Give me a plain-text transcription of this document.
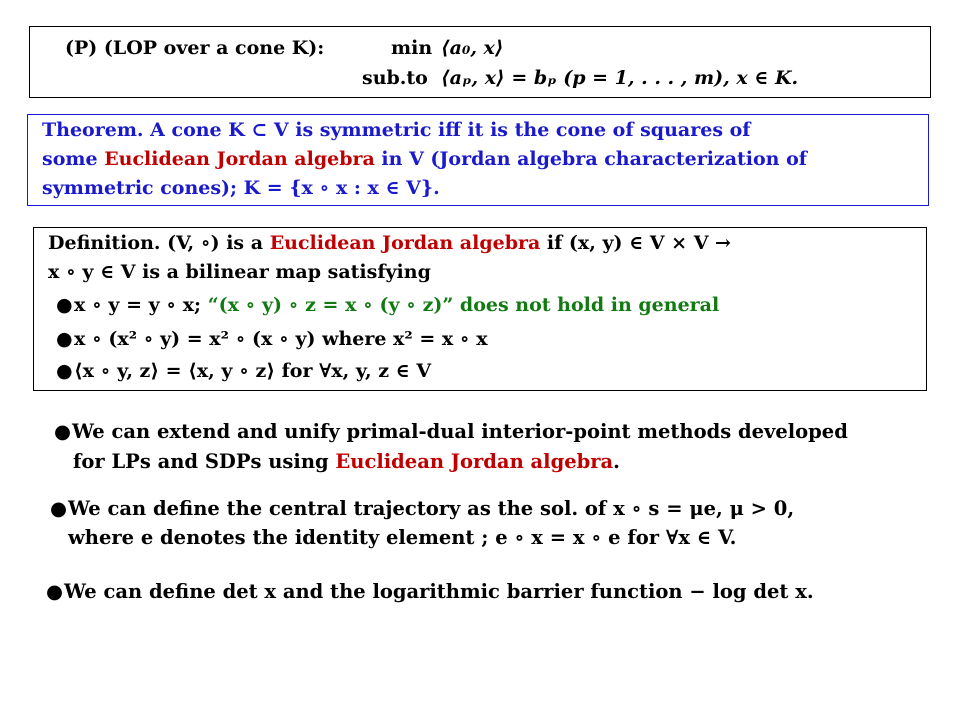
(P) (LOP over a cone K):	min ⟨a₀, x⟩
sub.to ⟨aₚ, x⟩ = bₚ (p = 1, . . . , m), x ∈ K.
Theorem. A cone K ⊂ V is symmetric iff it is the cone of squares of
some Euclidean Jordan algebra in V (Jordan algebra characterization of
symmetric cones); K = {x ∘ x : x ∈ V}.
Definition. (V, ∘) is a Euclidean Jordan algebra if (x, y) ∈ V × V →
x ∘ y ∈ V is a bilinear map satisfying
●x ∘ y = y ∘ x; “(x ∘ y) ∘ z = x ∘ (y ∘ z)” does not hold in general
●x ∘ (x² ∘ y) = x² ∘ (x ∘ y) where x² = x ∘ x
●⟨x ∘ y, z⟩ = ⟨x, y ∘ z⟩ for ∀x, y, z ∈ V
●We can extend and unify primal-dual interior-point methods developed
for LPs and SDPs using Euclidean Jordan algebra.
●We can define the central trajectory as the sol. of x ∘ s = μe, μ > 0,
where e denotes the identity element ; e ∘ x = x ∘ e for ∀x ∈ V.
●We can define det x and the logarithmic barrier function − log det x.
